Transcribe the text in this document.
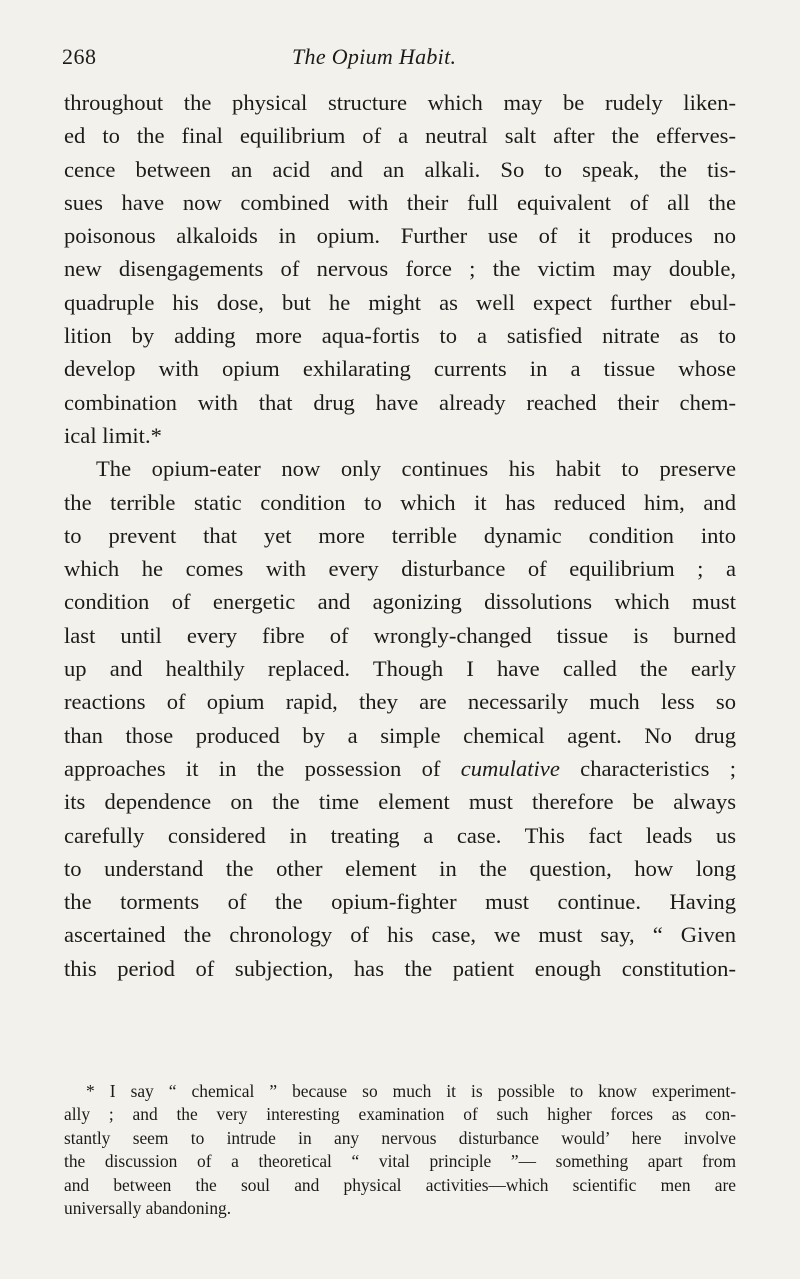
268	The Opium Habit.
throughout the physical structure which may be rudely liken-
ed to the final equilibrium of a neutral salt after the efferves-
cence between an acid and an alkali. So to speak, the tis-
sues have now combined with their full equivalent of all the
poisonous alkaloids in opium. Further use of it produces no
new disengagements of nervous force ; the victim may double,
quadruple his dose, but he might as well expect further ebul-
lition by adding more aqua-fortis to a satisfied nitrate as to
develop with opium exhilarating currents in a tissue whose
combination with that drug have already reached their chem-
ical limit.*
The opium-eater now only continues his habit to preserve
the terrible static condition to which it has reduced him, and
to prevent that yet more terrible dynamic condition into
which he comes with every disturbance of equilibrium ; a
condition of energetic and agonizing dissolutions which must
last until every fibre of wrongly-changed tissue is burned
up and healthily replaced. Though I have called the early
reactions of opium rapid, they are necessarily much less so
than those produced by a simple chemical agent. No drug
approaches it in the possession of cumulative characteristics ;
its dependence on the time element must therefore be always
carefully considered in treating a case. This fact leads us
to understand the other element in the question, how long
the torments of the opium-fighter must continue. Having
ascertained the chronology of his case, we must say, “ Given
this period of subjection, has the patient enough constitution-
* I say “ chemical ” because so much it is possible to know experiment-
ally ; and the very interesting examination of such higher forces as con-
stantly seem to intrude in any nervous disturbance would’ here involve
the discussion of a theoretical “ vital principle ”— something apart from
and between the soul and physical activities—which scientific men are
universally abandoning.
